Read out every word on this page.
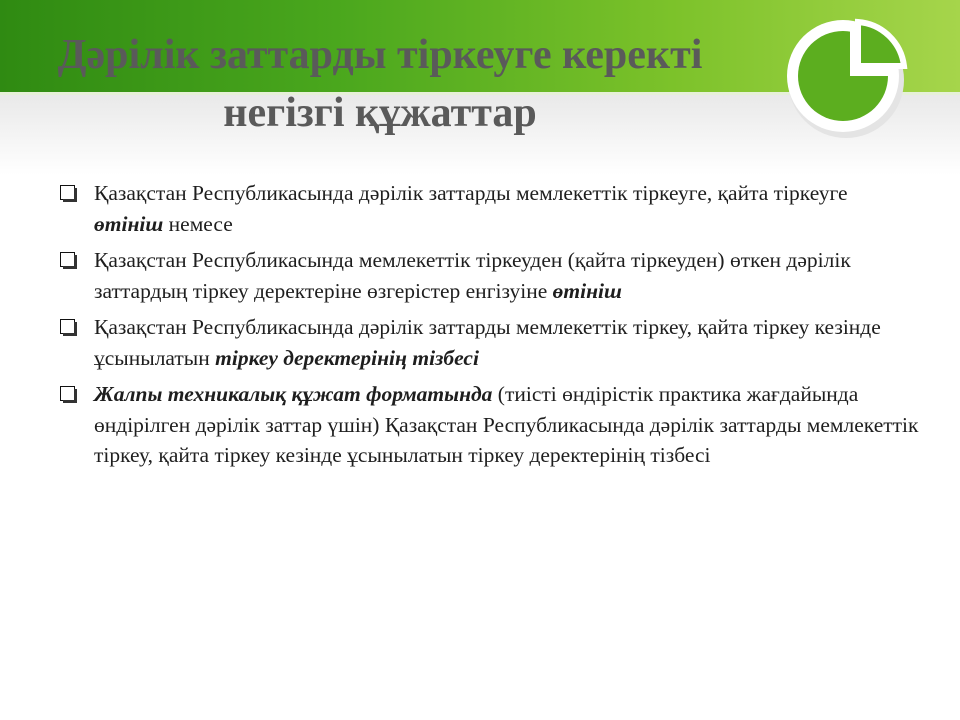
Дәрілік заттарды тіркеуге керекті
негізгі құжаттар
Қазақстан Республикасында дәрілік заттарды мемлекеттік тіркеуге, қайта тіркеуге өтініш немесе
Қазақстан Республикасында мемлекеттік тіркеуден (қайта тіркеуден) өткен дәрілік заттардың тіркеу деректеріне өзгерістер енгізуіне өтініш
Қазақстан Республикасында дәрілік заттарды мемлекеттік тіркеу, қайта тіркеу кезінде ұсынылатын тіркеу деректерінің тізбесі
Жалпы техникалық құжат форматында (тиісті өндірістік практика жағдайында өндірілген дәрілік заттар үшін) Қазақстан Республикасында дәрілік заттарды мемлекеттік тіркеу, қайта тіркеу кезінде ұсынылатын тіркеу деректерінің тізбесі
